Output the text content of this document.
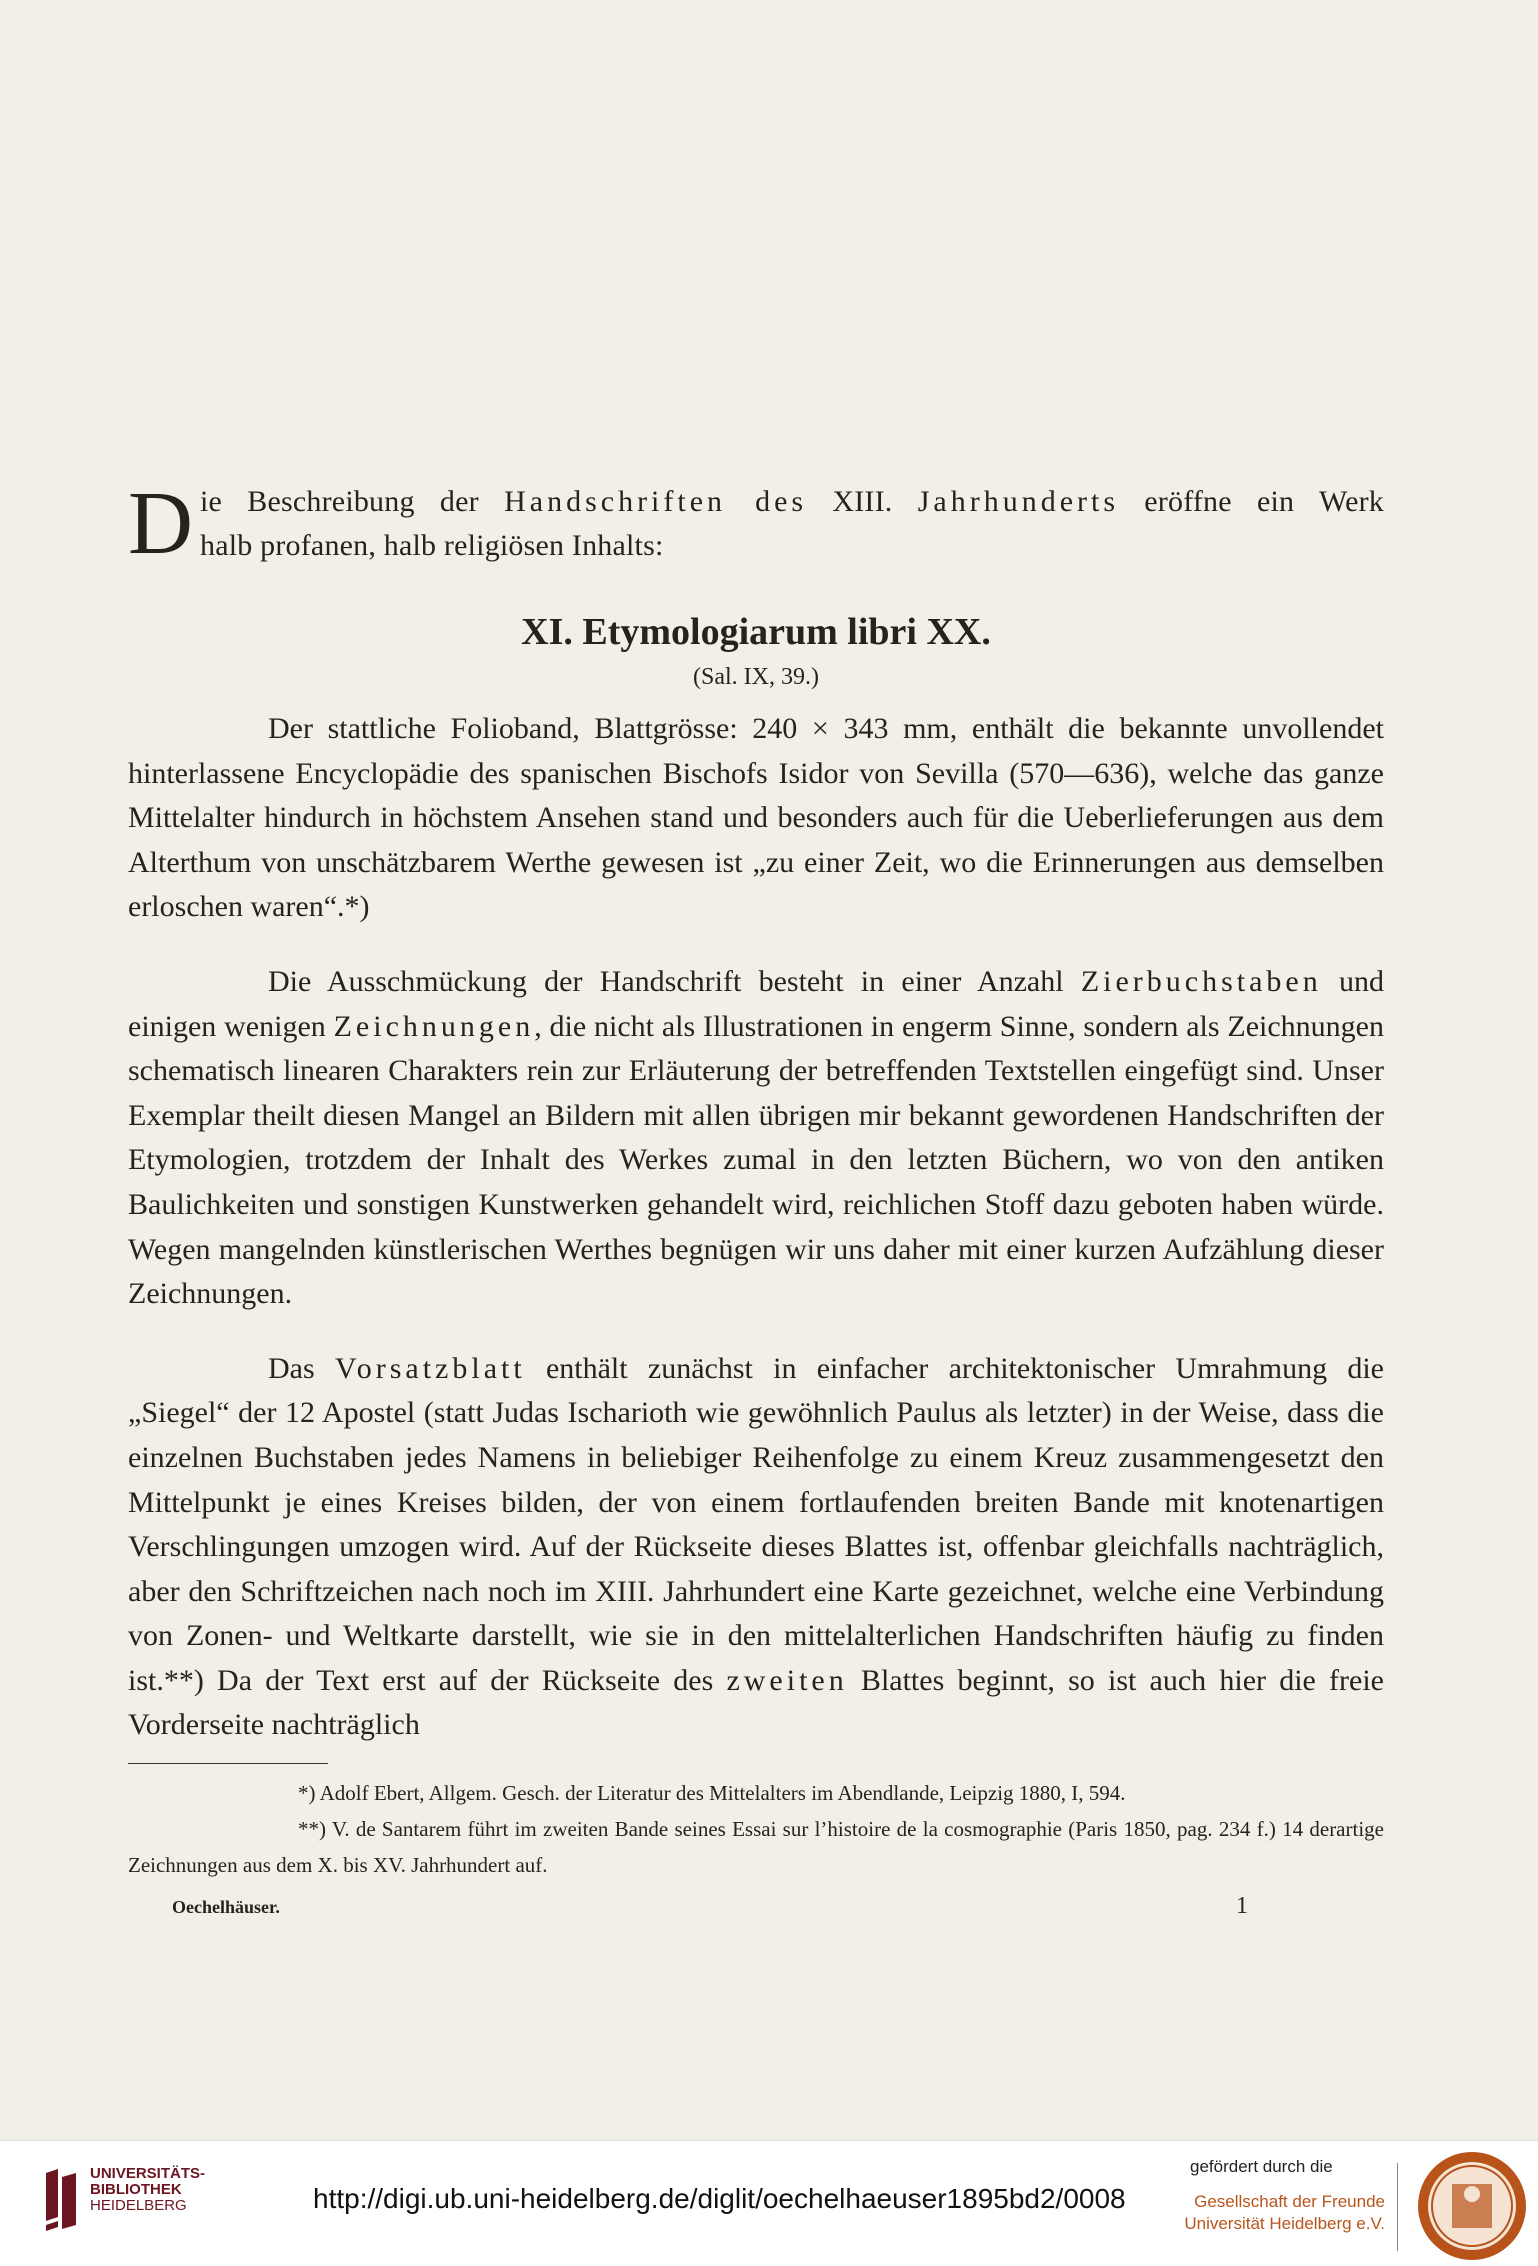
D ie Beschreibung der Handschriften des XIII. Jahrhunderts eröffne ein Werk
halb profanen, halb religiösen Inhalts:
XI. Etymologiarum libri XX.
(Sal. IX, 39.)

Der stattliche Folioband, Blattgrösse: 240 × 343 mm, enthält die bekannte unvollendet hinterlassene Encyclopädie des spanischen Bischofs Isidor von Sevilla (570—636), welche das ganze Mittelalter hindurch in höchstem Ansehen stand und besonders auch für die Ueberlieferungen aus dem Alterthum von unschätzbarem Werthe gewesen ist „zu einer Zeit, wo die Erinnerungen aus demselben erloschen waren“.*)

Die Ausschmückung der Handschrift besteht in einer Anzahl Zierbuchstaben und einigen wenigen Zeichnungen, die nicht als Illustrationen in engerm Sinne, sondern als Zeichnungen schematisch linearen Charakters rein zur Erläuterung der betreffenden Textstellen eingefügt sind. Unser Exemplar theilt diesen Mangel an Bildern mit allen übrigen mir bekannt gewordenen Handschriften der Etymologien, trotzdem der Inhalt des Werkes zumal in den letzten Büchern, wo von den antiken Baulichkeiten und sonstigen Kunstwerken gehandelt wird, reichlichen Stoff dazu geboten haben würde. Wegen mangelnden künstlerischen Werthes begnügen wir uns daher mit einer kurzen Aufzählung dieser Zeichnungen.

Das Vorsatzblatt enthält zunächst in einfacher architektonischer Umrahmung die „Siegel“ der 12 Apostel (statt Judas Ischarioth wie gewöhnlich Paulus als letzter) in der Weise, dass die einzelnen Buchstaben jedes Namens in beliebiger Reihenfolge zu einem Kreuz zusammengesetzt den Mittelpunkt je eines Kreises bilden, der von einem fortlaufenden breiten Bande mit knotenartigen Verschlingungen umzogen wird. Auf der Rückseite dieses Blattes ist, offenbar gleichfalls nachträglich, aber den Schriftzeichen nach noch im XIII. Jahrhundert eine Karte gezeichnet, welche eine Verbindung von Zonen- und Weltkarte darstellt, wie sie in den mittelalterlichen Handschriften häufig zu finden ist.**) Da der Text erst auf der Rückseite des zweiten Blattes beginnt, so ist auch hier die freie Vorderseite nachträglich

*) Adolf Ebert, Allgem. Gesch. der Literatur des Mittelalters im Abendlande, Leipzig 1880, I, 594.
**) V. de Santarem führt im zweiten Bande seines Essai sur l’histoire de la cosmographie (Paris 1850, pag. 234 f.) 14 derartige Zeichnungen aus dem X. bis XV. Jahrhundert auf.
Oechelhäuser.	1
UNIVERSITÄTS-
BIBLIOTHEK
HEIDELBERG	http://digi.ub.uni-heidelberg.de/diglit/oechelhaeuser1895bd2/0008
gefördert durch die
Gesellschaft der Freunde
Universität Heidelberg e.V.
